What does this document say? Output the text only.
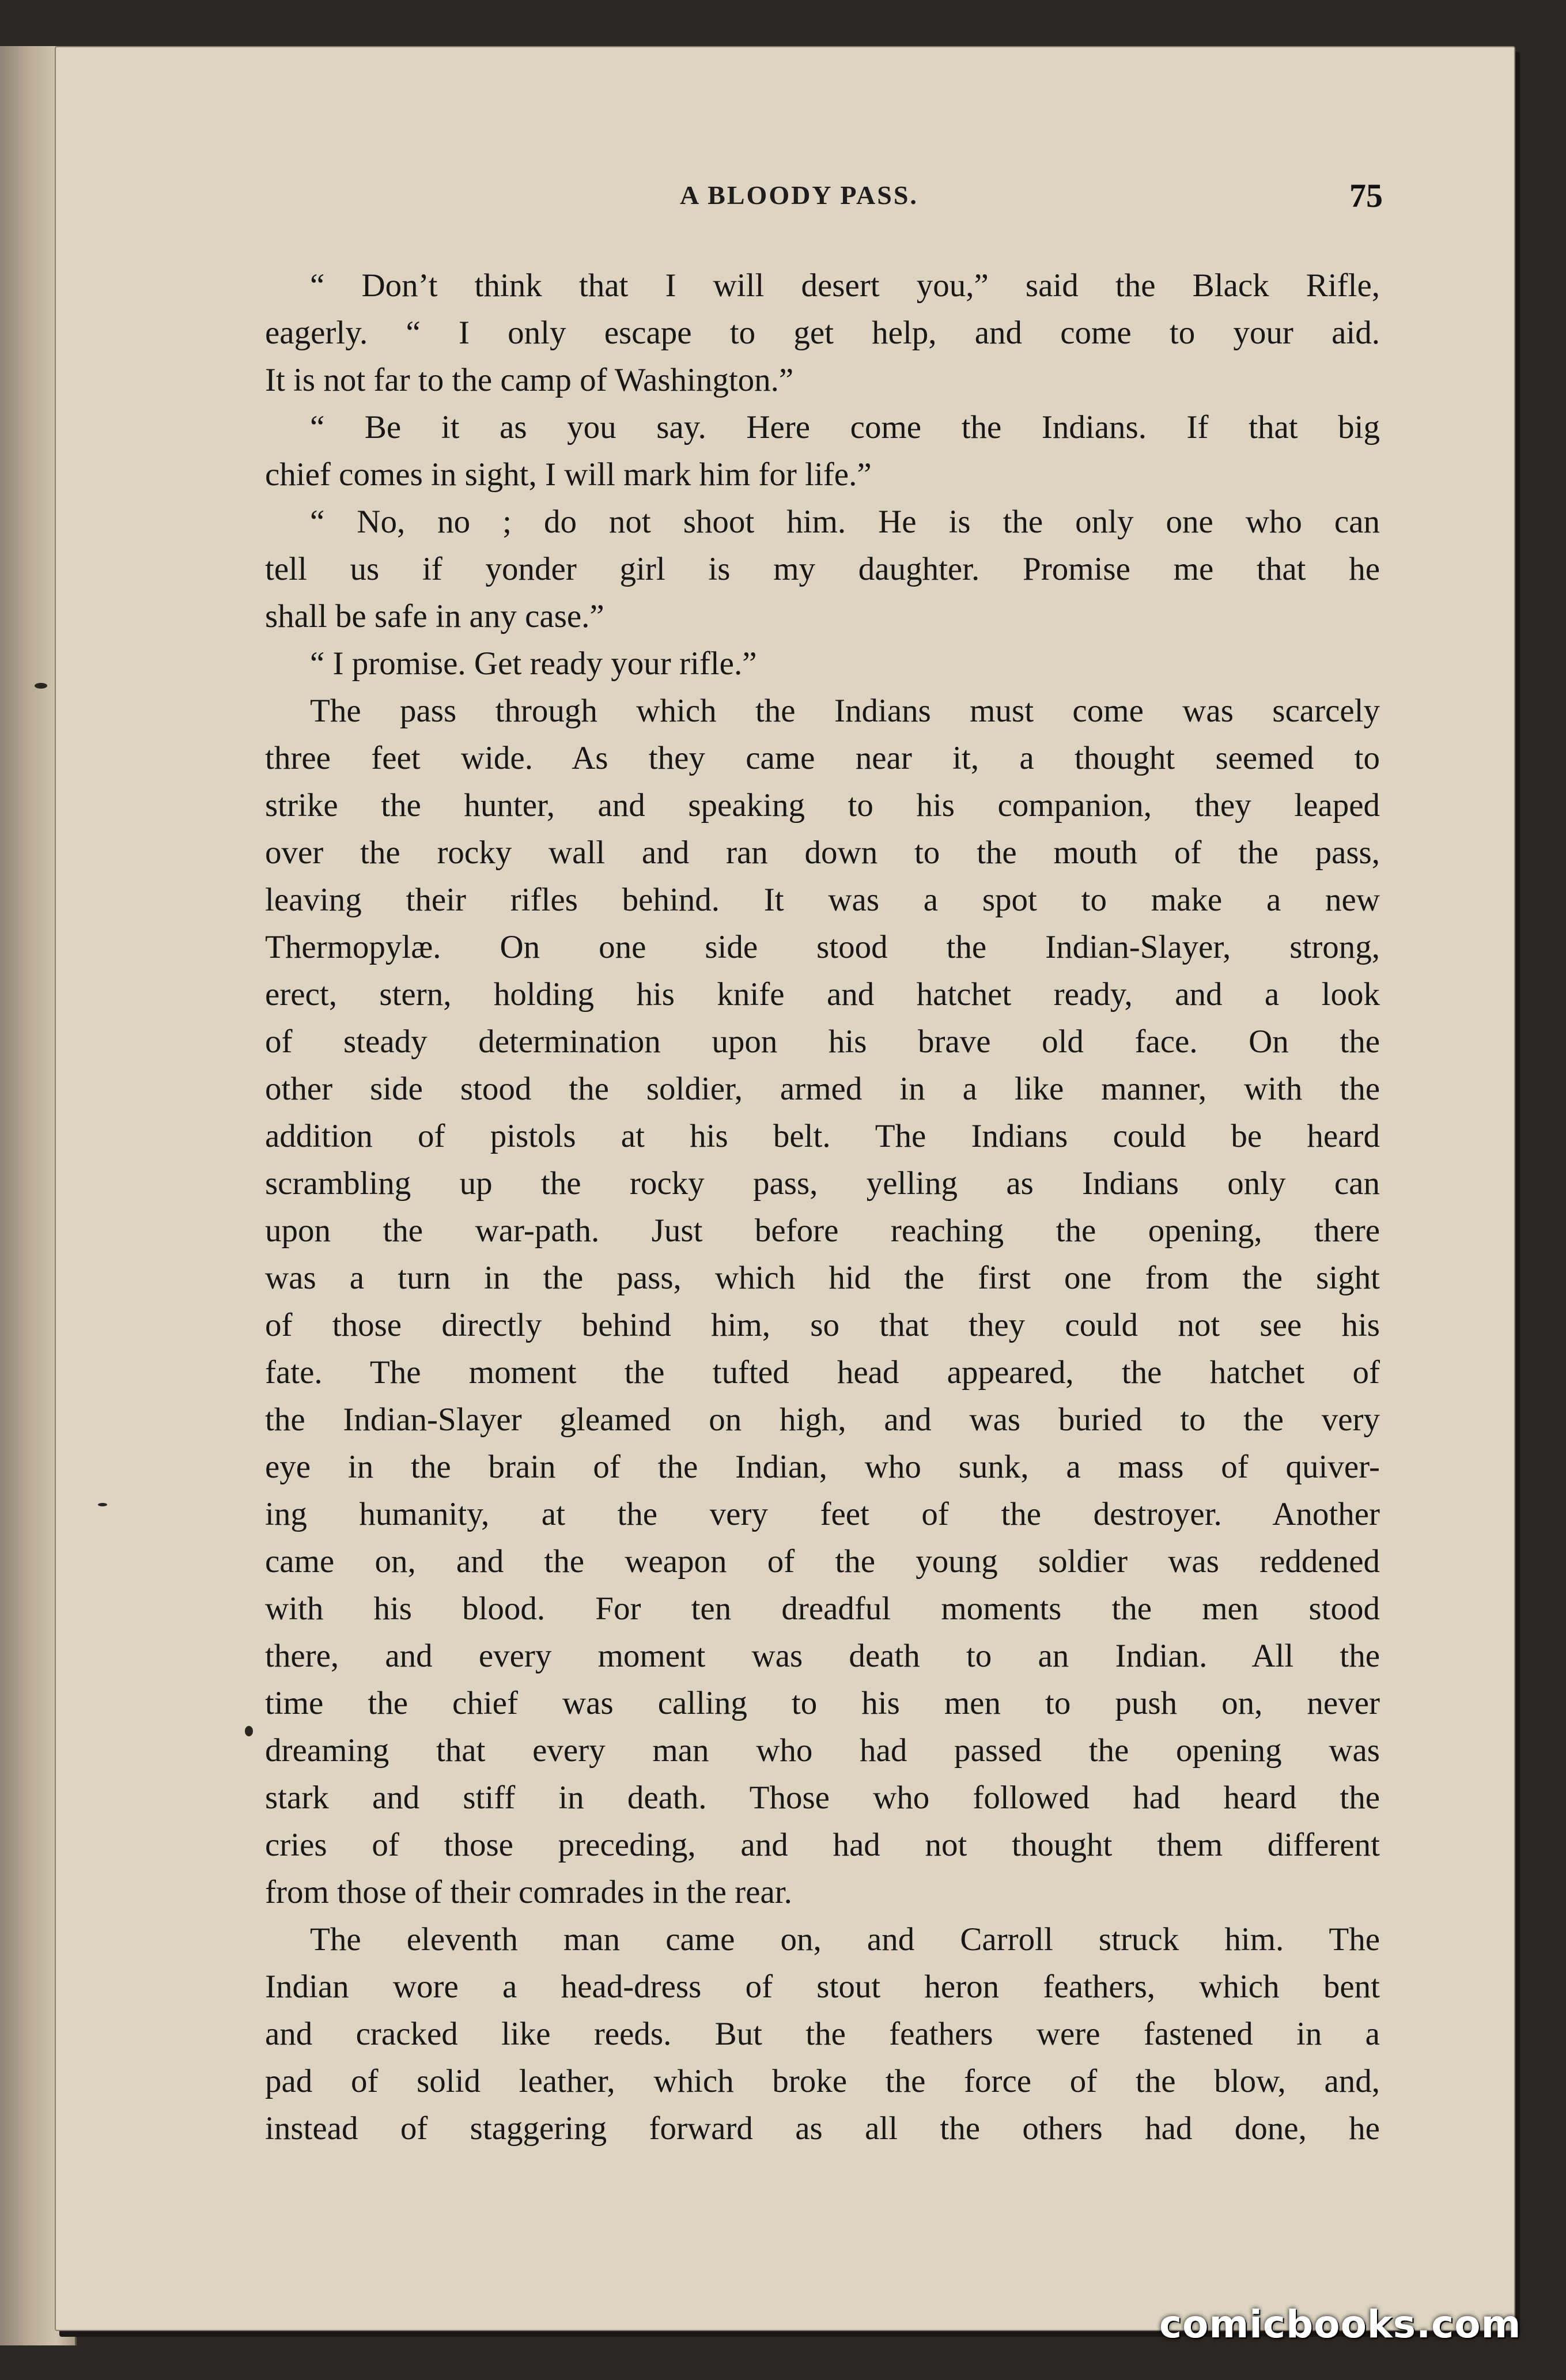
A BLOODY PASS.	75
“ Don’t think that I will desert you,” said the Black Rifle,
eagerly. “ I only escape to get help, and come to your aid.
It is not far to the camp of Washington.”
“ Be it as you say. Here come the Indians. If that big
chief comes in sight, I will mark him for life.”
“ No, no ; do not shoot him. He is the only one who can
tell us if yonder girl is my daughter. Promise me that he
shall be safe in any case.”
“ I promise. Get ready your rifle.”
The pass through which the Indians must come was scarcely
three feet wide. As they came near it, a thought seemed to
strike the hunter, and speaking to his companion, they leaped
over the rocky wall and ran down to the mouth of the pass,
leaving their rifles behind. It was a spot to make a new
Thermopylæ. On one side stood the Indian-Slayer, strong,
erect, stern, holding his knife and hatchet ready, and a look
of steady determination upon his brave old face. On the
other side stood the soldier, armed in a like manner, with the
addition of pistols at his belt. The Indians could be heard
scrambling up the rocky pass, yelling as Indians only can
upon the war-path. Just before reaching the opening, there
was a turn in the pass, which hid the first one from the sight
of those directly behind him, so that they could not see his
fate. The moment the tufted head appeared, the hatchet of
the Indian-Slayer gleamed on high, and was buried to the very
eye in the brain of the Indian, who sunk, a mass of quiver-
ing humanity, at the very feet of the destroyer. Another
came on, and the weapon of the young soldier was reddened
with his blood. For ten dreadful moments the men stood
there, and every moment was death to an Indian. All the
time the chief was calling to his men to push on, never
dreaming that every man who had passed the opening was
stark and stiff in death. Those who followed had heard the
cries of those preceding, and had not thought them different
from those of their comrades in the rear.
The eleventh man came on, and Carroll struck him. The
Indian wore a head-dress of stout heron feathers, which bent
and cracked like reeds. But the feathers were fastened in a
pad of solid leather, which broke the force of the blow, and,
instead of staggering forward as all the others had done, he
comicbooks.com
